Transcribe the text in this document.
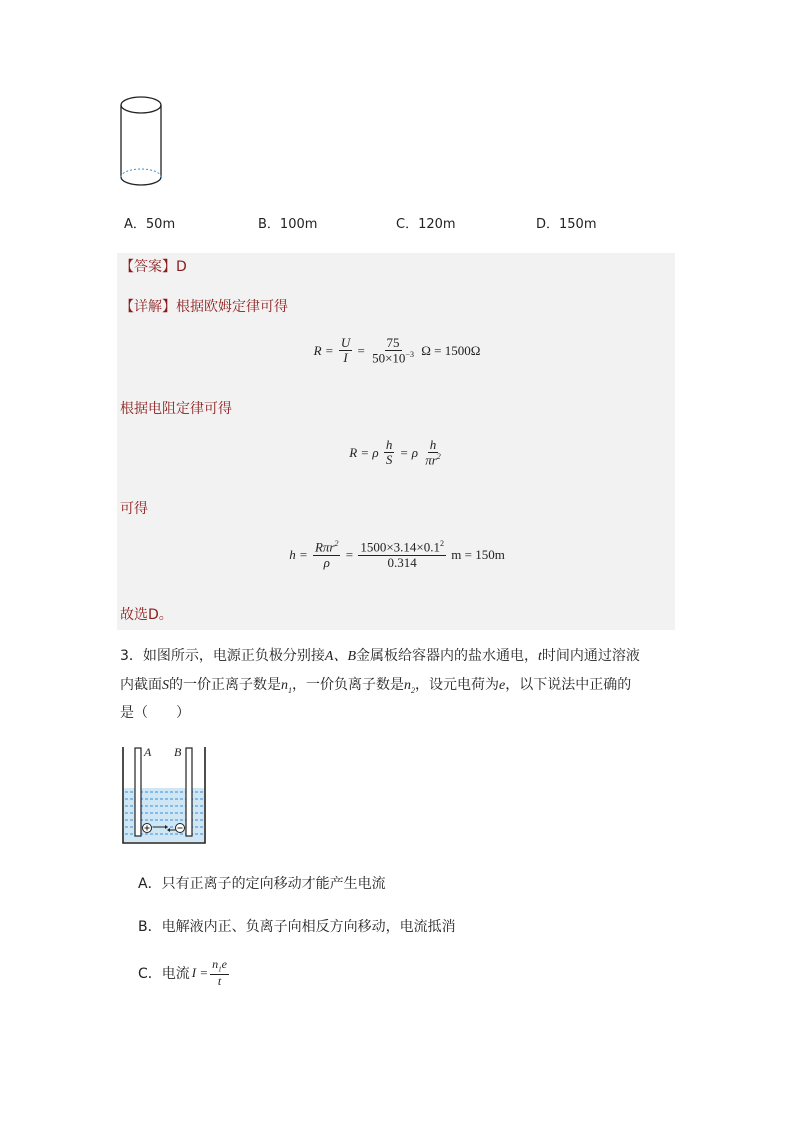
A．50m	B．100m	C．120m	D．150m
【答案】D
【详解】根据欧姆定律可得
$R = \frac{U}{I} = \frac{75}{50\times 10^{-3}}$ Ω = 1500Ω
根据电阻定律可得
R = ρ $\frac{h}{S} = \rho \frac{h}{\pi r^2}$
可得
$h = \frac{R\pi r^2}{\rho} = \frac{1500\times 3.14\times 0.1^2}{0.314}$ m = 150m
故选D。
3．如图所示，电源正负极分别接A、B金属板给容器内的盐水通电，t时间内通过溶液
内截面S的一价正离子数是$n_1$，一价负离子数是$n_2$，设元电荷为e，以下说法中正确的
是（　　）
A B
A．只有正离子的定向移动才能产生电流
B．电解液内正、负离子向相反方向移动，电流抵消
C．电流 $I = \frac{n_1e}{t}$
